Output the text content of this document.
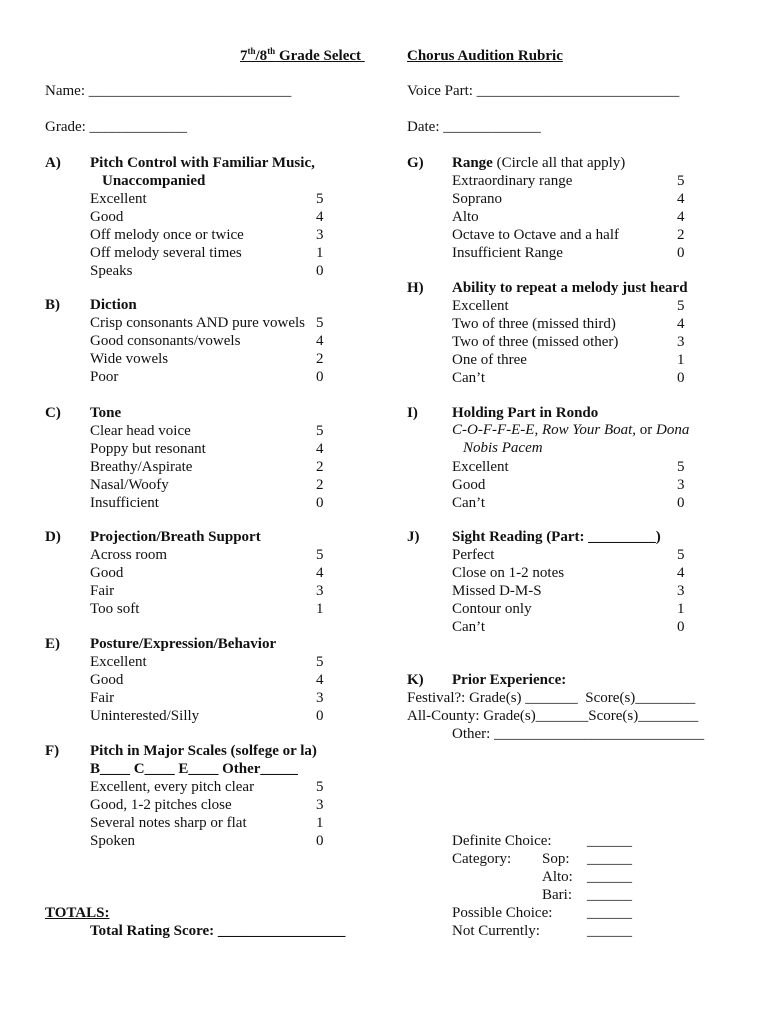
7th/8th Grade Select	Chorus Audition Rubric
Name: ___________________________	Voice Part: ___________________________
Grade: _____________	Date: _____________
A) Pitch Control with Familiar Music,
Unaccompanied
Excellent	5
Good	4
Off melody once or twice	3
Off melody several times	1
Speaks	0
B) Diction
Crisp consonants AND pure vowels 5
Good consonants/vowels	4
Wide vowels	2
Poor	0
C) Tone
Clear head voice	5
Poppy but resonant	4
Breathy/Aspirate	2
Nasal/Woofy	2
Insufficient	0
D) Projection/Breath Support
Across room	5
Good	4
Fair	3
Too soft	1
E) Posture/Expression/Behavior
Excellent	5
Good	4
Fair	3
Uninterested/Silly	0
F) Pitch in Major Scales (solfege or la)
B____ C____ E____ Other_____
Excellent, every pitch clear	5
Good, 1-2 pitches close	3
Several notes sharp or flat	1
Spoken	0
G) Range (Circle all that apply)
Extraordinary range	5
Soprano	4
Alto	4
Octave to Octave and a half	2
Insufficient Range	0
H) Ability to repeat a melody just heard
Excellent	5
Two of three (missed third)	4
Two of three (missed other)	3
One of three	1
Can’t	0
I) Holding Part in Rondo
Excellent	5
Good	3
Can’t	0
J) Sight Reading (Part: _________)
Perfect	5
Close on 1-2 notes	4
Missed D-M-S	3
Contour only	1
Can’t	0
C-O-F-F-E-E, Row Your Boat, or Dona
Nobis Pacem
K) Prior Experience:
Festival?: Grade(s) _______  Score(s)________
All-County: Grade(s)_______Score(s)________
Other: ____________________________
Definite Choice: ______
Category: Sop: ______
Alto: ______
Bari: ______
Possible Choice: ______
Not Currently:	______
TOTALS:
Total Rating Score: _________________
